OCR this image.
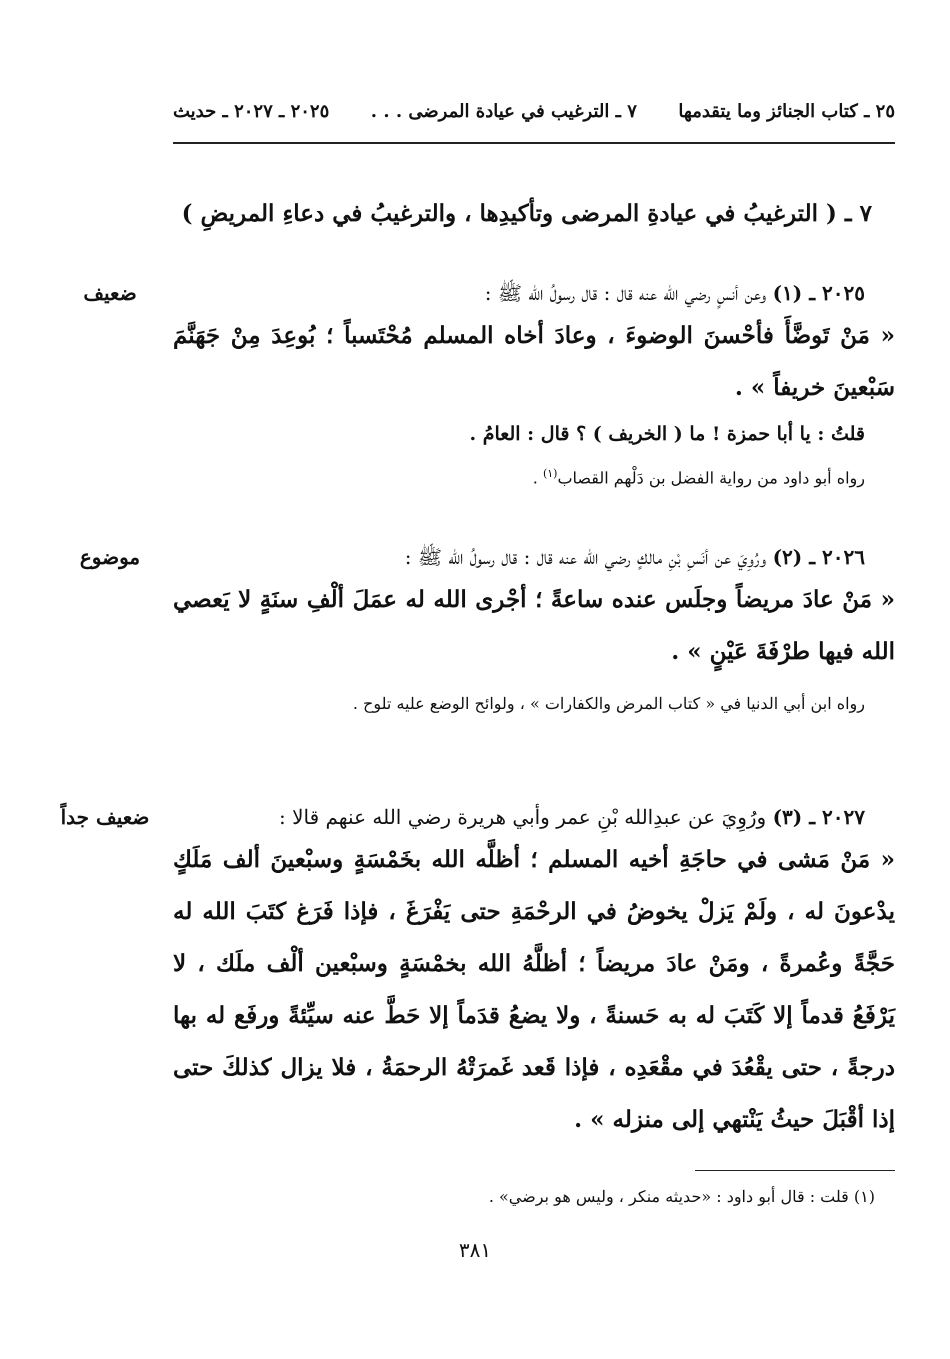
٢٥ ـ كتاب الجنائز وما يتقدمها
٧ ـ الترغيب في عيادة المرضى . . .
٢٠٢٥ ـ ٢٠٢٧ ـ حديث
٧ ـ ( الترغيبُ في عيادةِ المرضى وتأكيدِها ، والترغيبُ في دعاءِ المريضِ )
ضعيف	٢٠٢٥ ـ (١) وعن أنسٍ رضي الله عنه قال : قال رسولُ الله ﷺ :
« مَنْ تَوضَّأَ فأحْسنَ الوضوءَ ، وعادَ أخاه المسلم مُحْتَسباً ؛ بُوعِدَ مِنْ جَهَنَّمَ سَبْعينَ خريفاً » .
قلتُ : يا أبا حمزة ! ما ( الخريف ) ؟ قال : العامُ .
رواه أبو داود من رواية الفضل بن دَلْهم القصاب$^{(١)}$ .
موضوع	٢٠٢٦ ـ (٢) ورُوِيَ عن أنَسِ بْنِ مالكٍ رضي الله عنه قال : قال رسولُ الله ﷺ :
« مَنْ عادَ مريضاً وجلَس عنده ساعةً ؛ أجْرى الله له عمَلَ ألْفِ سنَةٍ لا يَعصي الله فيها طرْفَةَ عَيْنٍ » .
رواه ابن أبي الدنيا في « كتاب المرض والكفارات » ، ولوائح الوضع عليه تلوح .
ضعيف جداً	٢٠٢٧ ـ (٣) ورُوِيَ عن عبدِالله بْنِ عمر وأبي هريرة رضي الله عنهم قالا :
« مَنْ مَشى في حاجَةِ أخيه المسلم ؛ أظلَّه الله بخَمْسَةٍ وسبْعينَ ألف مَلَكٍ يدْعونَ له ، ولَمْ يَزلْ يخوضُ في الرحْمَةِ حتى يَفْرَغَ ، فإذا فَرَغ كتَبَ الله له حَجَّةً وعُمرةً ، ومَنْ عادَ مريضاً ؛ أظلَّهُ الله بخمْسَةٍ وسبْعين ألْف ملَك ، لا يَرْفَعُ قدماً إلا كَتَبَ له به حَسنةً ، ولا يضعُ قدَماً إلا حَطَّ عنه سيِّئةً ورفَع له بها درجةً ، حتى يقْعُدَ في مقْعَدِه ، فإذا قَعد غَمرَتْهُ الرحمَةُ ، فلا يزال كذلكَ حتى إذا أقْبَلَ حيثُ يَنْتهي إلى منزله » .
(١) قلت : قال أبو داود : «حديثه منكر ، وليس هو برضي» .
٣٨١
